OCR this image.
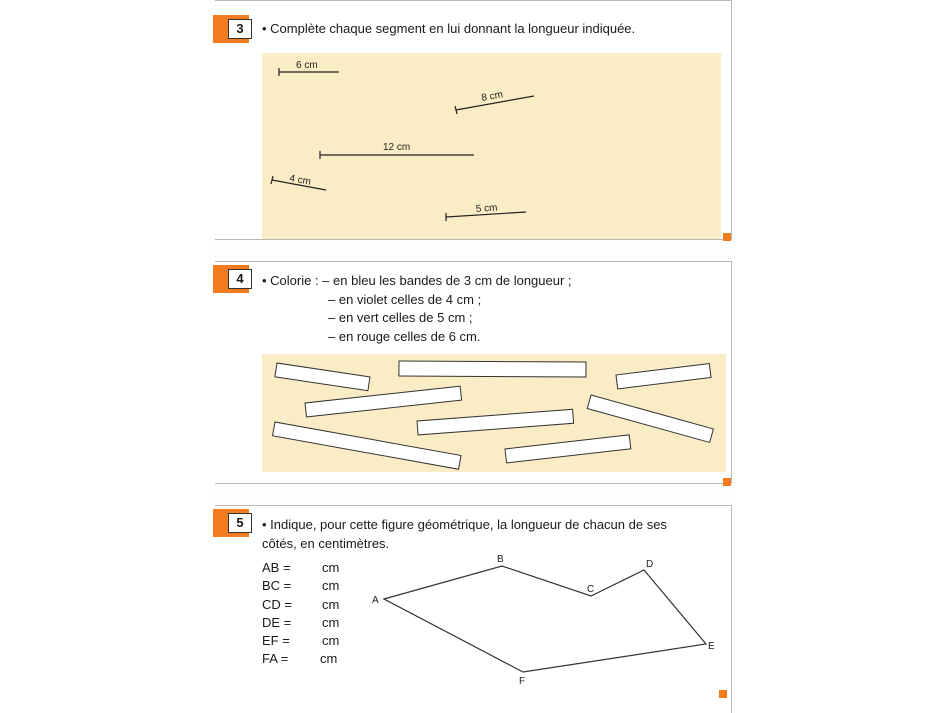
3	• Complète chaque segment en lui donnant la longueur indiquée.
6 cm
8 cm
12 cm
4 cm
5 cm
4	• Colorie : – en bleu les bandes de 3 cm de longueur ;
– en violet celles de 4 cm ;
– en vert celles de 5 cm ;
– en rouge celles de 6 cm.
5	• Indique, pour cette figure géométrique, la longueur de chacun de ses
côtés, en centimètres.
AB = cm
BC = cm
CD = cm
DE = cm
EF = cm
FA = cm
A
B
C
D
E
F
